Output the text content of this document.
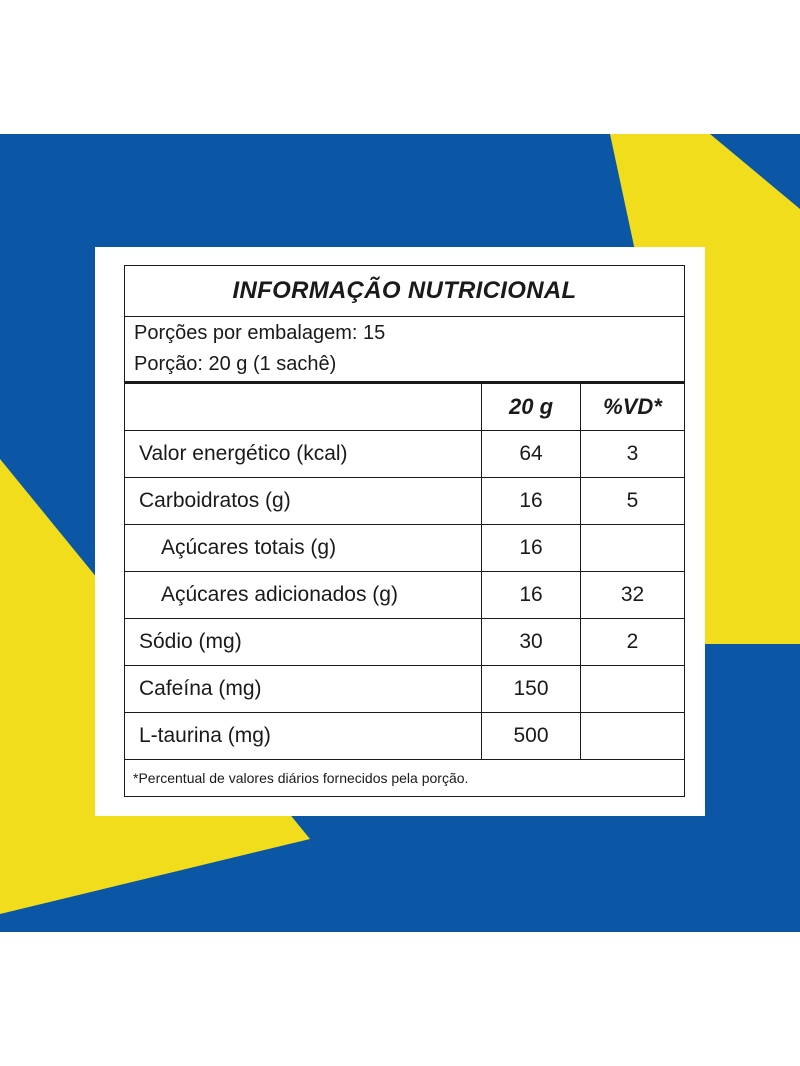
INFORMAÇÃO NUTRICIONAL		

Porções por embalagem: 15
Porção: 20 g (1 sachê)		

	20 g	%VD*
Valor energético (kcal)	64	3
Carboidratos (g)	16	5
Açúcares totais (g)	16	
Açúcares adicionados (g)	16	32
Sódio (mg)	30	2
Cafeína (mg)	150	
L-taurina (mg)	500	
*Percentual de valores diários fornecidos pela porção.		
